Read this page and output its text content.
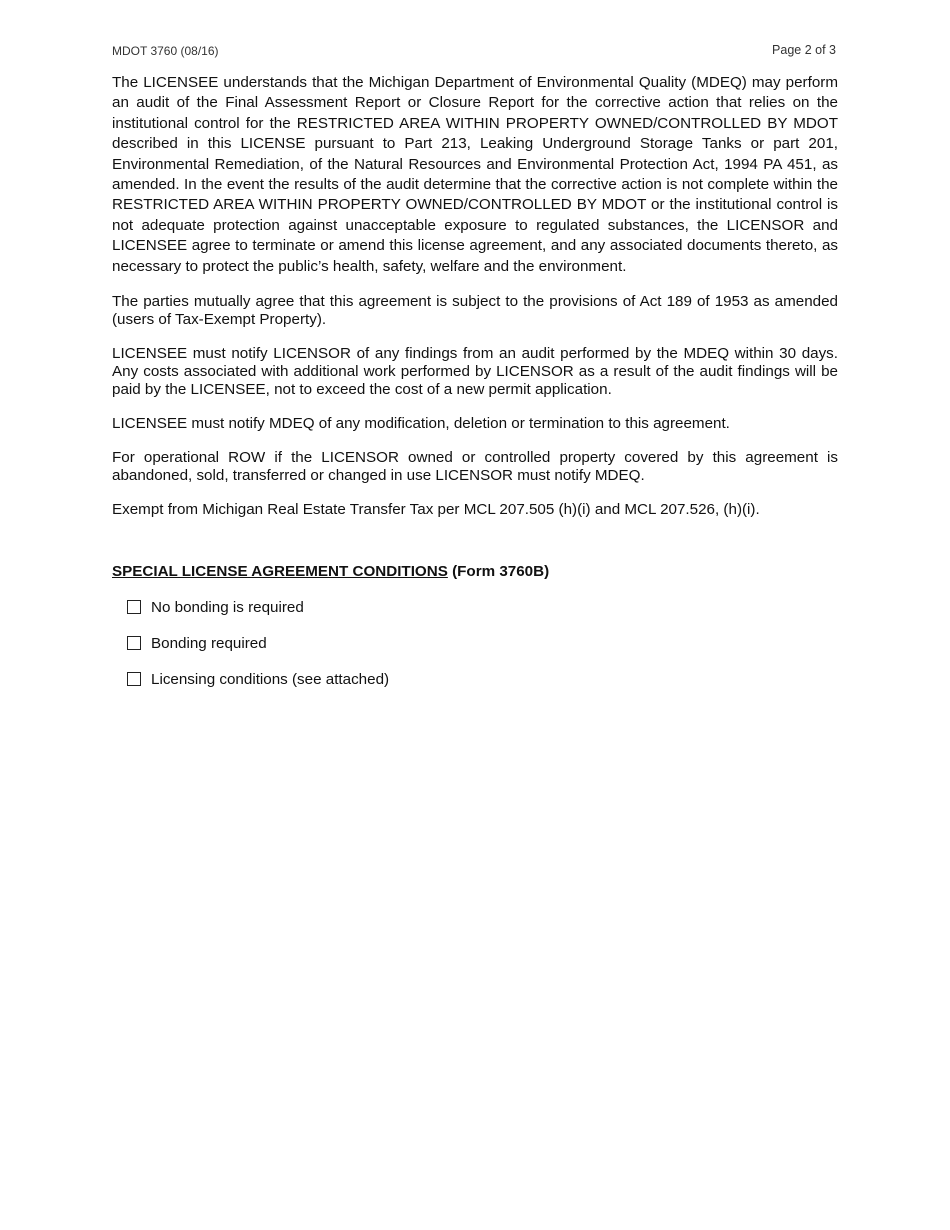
MDOT 3760 (08/16)	Page 2 of 3

The LICENSEE understands that the Michigan Department of Environmental Quality (MDEQ) may perform an audit of the Final Assessment Report or Closure Report for the corrective action that relies on the institutional control for the RESTRICTED AREA WITHIN PROPERTY OWNED/CONTROLLED BY MDOT described in this LICENSE pursuant to Part 213, Leaking Underground Storage Tanks or part 201, Environmental Remediation, of the Natural Resources and Environmental Protection Act, 1994 PA 451, as amended. In the event the results of the audit determine that the corrective action is not complete within the RESTRICTED AREA WITHIN PROPERTY OWNED/CONTROLLED BY MDOT or the institutional control is not adequate protection against unacceptable exposure to regulated substances, the LICENSOR and LICENSEE agree to terminate or amend this license agreement, and any associated documents thereto, as necessary to protect the public’s health, safety, welfare and the environment.

The parties mutually agree that this agreement is subject to the provisions of Act 189 of 1953 as amended (users of Tax-Exempt Property).

LICENSEE must notify LICENSOR of any findings from an audit performed by the MDEQ within 30 days. Any costs associated with additional work performed by LICENSOR as a result of the audit findings will be paid by the LICENSEE, not to exceed the cost of a new permit application.

LICENSEE must notify MDEQ of any modification, deletion or termination to this agreement.

For operational ROW if the LICENSOR owned or controlled property covered by this agreement is abandoned, sold, transferred or changed in use LICENSOR must notify MDEQ.

Exempt from Michigan Real Estate Transfer Tax per MCL 207.505 (h)(i) and MCL 207.526, (h)(i).

SPECIAL LICENSE AGREEMENT CONDITIONS (Form 3760B)
No bonding is required
Bonding required
Licensing conditions (see attached)
